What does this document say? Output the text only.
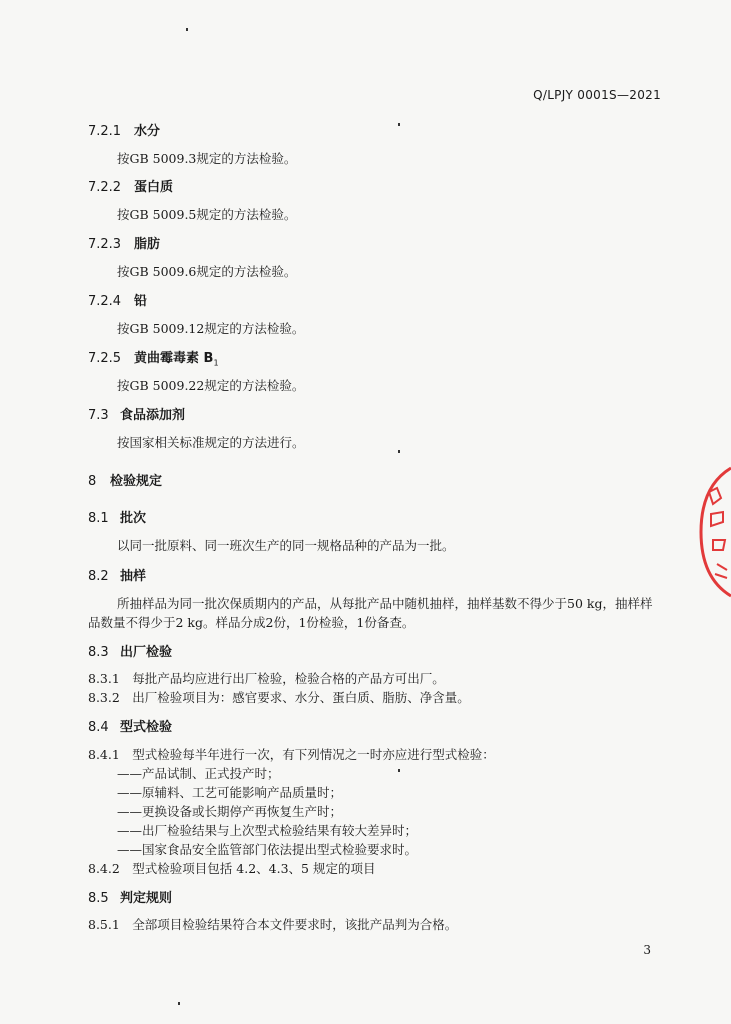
Q/LPJY 0001S—2021
7.2.1 水分
按GB 5009.3规定的方法检验。
7.2.2 蛋白质
按GB 5009.5规定的方法检验。
7.2.3 脂肪
按GB 5009.6规定的方法检验。
7.2.4 铅
按GB 5009.12规定的方法检验。
7.2.5 黄曲霉毒素 $B_1$
按GB 5009.22规定的方法检验。
7.3 食品添加剂
按国家相关标准规定的方法进行。
8 检验规定
8.1 批次
以同一批原料、同一班次生产的同一规格品种的产品为一批。
8.2 抽样
所抽样品为同一批次保质期内的产品，从每批产品中随机抽样，抽样基数不得少于50 kg，抽样样
品数量不得少于2 kg。样品分成2份，1份检验，1份备查。
8.3 出厂检验
8.3.1　每批产品均应进行出厂检验，检验合格的产品方可出厂。
8.3.2　出厂检验项目为：感官要求、水分、蛋白质、脂肪、净含量。
8.4 型式检验
8.4.1　型式检验每半年进行一次，有下列情况之一时亦应进行型式检验：
——产品试制、正式投产时；
——原辅料、工艺可能影响产品质量时；
——更换设备或长期停产再恢复生产时；
——出厂检验结果与上次型式检验结果有较大差异时；
——国家食品安全监管部门依法提出型式检验要求时。
8.4.2　型式检验项目包括 4.2、4.3、5 规定的项目
8.5 判定规则
8.5.1　全部项目检验结果符合本文件要求时，该批产品判为合格。
3
